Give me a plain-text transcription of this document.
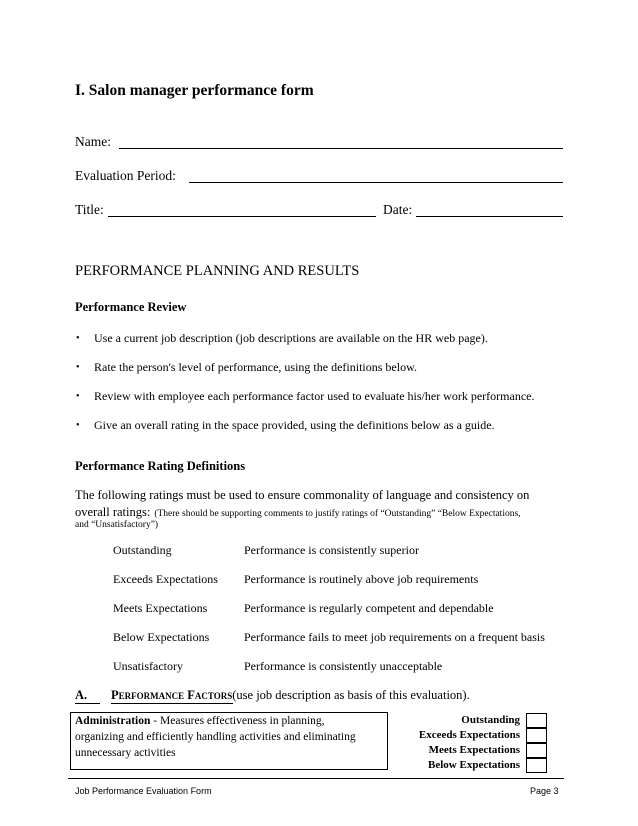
I. Salon manager performance form
Name:
Evaluation Period:
Title:	Date:
PERFORMANCE PLANNING AND RESULTS
Performance Review
• Use a current job description (job descriptions are available on the HR web page).
• Rate the person's level of performance, using the definitions below.
• Review with employee each performance factor used to evaluate his/her work performance.
• Give an overall rating in the space provided, using the definitions below as a guide.
Performance Rating Definitions
The following ratings must be used to ensure commonality of language and consistency on
overall ratings: (There should be supporting comments to justify ratings of “Outstanding” “Below Expectations,
and “Unsatisfactory”)
Outstanding	Performance is consistently superior
Exceeds Expectations Performance is routinely above job requirements
Meets Expectations	Performance is regularly competent and dependable
Below Expectations	Performance fails to meet job requirements on a frequent basis
Unsatisfactory	Performance is consistently unacceptable
A. Performance Factors(use job description as basis of this evaluation).
Administration - Measures effectiveness in planning,
organizing and efficiently handling activities and eliminating
unnecessary activities
Outstanding
Exceeds Expectations
Meets Expectations
Below Expectations
Job Performance Evaluation Form	Page 3
